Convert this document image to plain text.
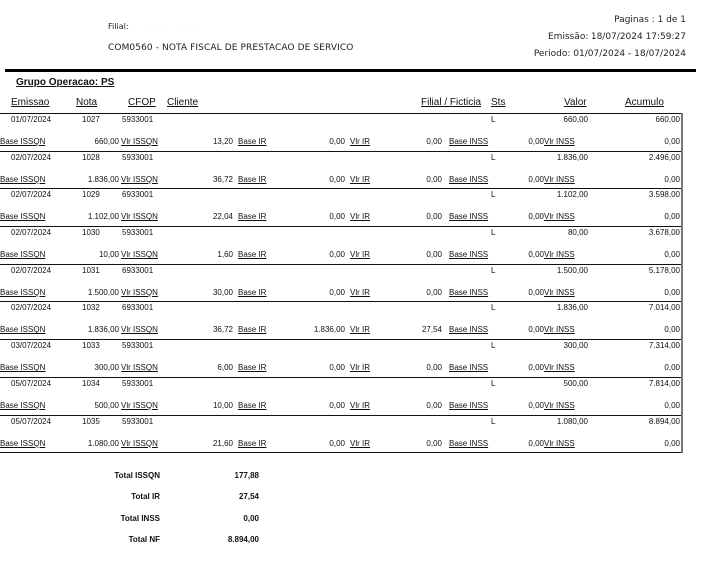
Filial: . . . . . . .
COM0560 - NOTA FISCAL DE PRESTACAO DE SERVICO
Paginas : 1 de 1
Emissão: 18/07/2024 17:59:27
Periodo: 01/07/2024 - 18/07/2024
Grupo Operacao: PS
Emissao	Nota	CFOP Cliente	Filial / Ficticia Sts	Valor	Acumulo
01/07/2024	1027	5933001	L	660,00	660,00
Base ISSQN	660,00 Vlr ISSQN	13,20 Base IR	0,00 Vlr IR	0,00 Base INSS	0,00 Vlr INSS	0,00
02/07/2024	1028	5933001	L	1.836,00	2.496,00
Base ISSQN	1.836,00 Vlr ISSQN	36,72 Base IR	0,00 Vlr IR	0,00 Base INSS	0,00 Vlr INSS	0,00
02/07/2024	1029	6933001	L	1.102,00	3.598,00
Base ISSQN	1.102,00 Vlr ISSQN	22,04 Base IR	0,00 Vlr IR	0,00 Base INSS	0,00 Vlr INSS	0,00
02/07/2024	1030	5933001	L	80,00	3.678,00
Base ISSQN	10,00 Vlr ISSQN	1,60 Base IR	0,00 Vlr IR	0,00 Base INSS	0,00 Vlr INSS	0,00
02/07/2024	1031	6933001	L	1.500,00	5.178,00
Base ISSQN	1.500,00 Vlr ISSQN	30,00 Base IR	0,00 Vlr IR	0,00 Base INSS	0,00 Vlr INSS	0,00
02/07/2024	1032	6933001	L	1.836,00	7.014,00
Base ISSQN	1.836,00 Vlr ISSQN	36,72 Base IR	1.836,00 Vlr IR	27,54 Base INSS	0,00 Vlr INSS	0,00
03/07/2024	1033	5933001	L	300,00	7.314,00
Base ISSQN	300,00 Vlr ISSQN	6,00 Base IR	0,00 Vlr IR	0,00 Base INSS	0,00 Vlr INSS	0,00
05/07/2024	1034	5933001	L	500,00	7.814,00
Base ISSQN	500,00 Vlr ISSQN	10,00 Base IR	0,00 Vlr IR	0,00 Base INSS	0,00 Vlr INSS	0,00
05/07/2024	1035	5933001	L	1.080,00	8.894,00
Base ISSQN	1.080,00 Vlr ISSQN	21,60 Base IR	0,00 Vlr IR	0,00 Base INSS	0,00 Vlr INSS	0,00
Total ISSQN	177,88
Total IR	27,54
Total INSS	0,00
Total NF	8.894,00
